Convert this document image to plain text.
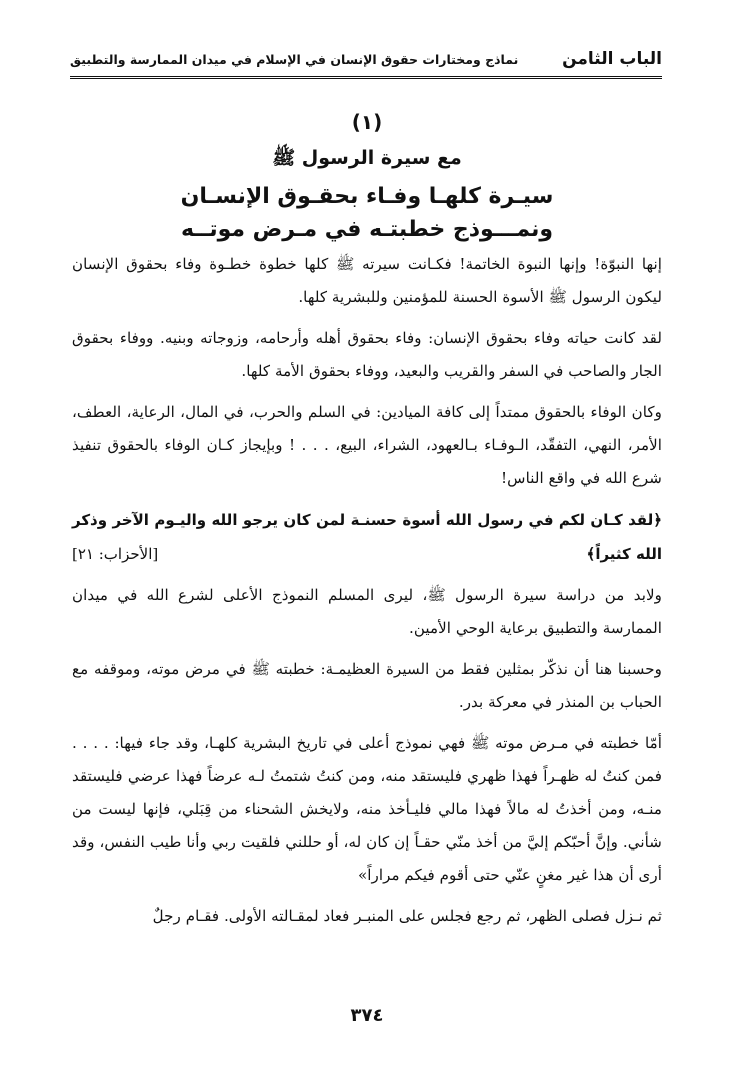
الباب الثامن
نماذج ومختارات حقوق الإنسان في الإسلام في ميدان الممارسة والتطبيق
(١)
مع سيرة الرسول ﷺ
سيـرة كلهـا وفـاء بحقـوق الإنسـان
ونمـــوذج خطبتـه في مـرض موتــه

إنها النبوّة! وإنها النبوة الخاتمة! فكـانت سيرته ﷺ كلها خطوة خطـوة وفاء بحقوق الإنسان ليكون الرسول ﷺ الأسوة الحسنة للمؤمنين وللبشرية كلها.

لقد كانت حياته وفاء بحقوق الإنسان: وفاء بحقوق أهله وأرحامه، وزوجاته وبنيه. ووفاء بحقوق الجار والصاحب في السفر والقريب والبعيد، ووفاء بحقوق الأمة كلها.

وكان الوفاء بالحقوق ممتداً إلى كافة الميادين: في السلم والحرب، في المال، الرعاية، العطف، الأمر، النهي، التفقّد، الـوفـاء بـالعهود، الشراء، البيع، . . . ! وبإيجاز كـان الوفاء بالحقوق تنفيذ شرع الله في واقع الناس!

﴿لقد كـان لكم في رسول الله أسوة حسنـة لمن كان يرجو الله واليـوم الآخر وذكر الله كثيراً﴾
[الأحزاب: ٢١]

ولابد من دراسة سيرة الرسول ﷺ، ليرى المسلم النموذج الأعلى لشرع الله في ميدان الممارسة والتطبيق برعاية الوحي الأمين.

وحسبنا هنا أن نذكّر بمثلين فقط من السيرة العظيمـة: خطبته ﷺ في مرض موته، وموقفه مع الحباب بن المنذر في معركة بدر.

أمّا خطبته في مـرض موته ﷺ فهي نموذج أعلى في تاريخ البشرية كلهـا، وقد جاء فيها: . . . . فمن كنتُ له ظهـراً فهذا ظهري فليستقد منه، ومن كنتُ شتمتُ لـه عرضاً فهذا عرضي فليستقد منـه، ومن أخذتُ له مالاً فهذا مالي فليـأخذ منه، ولايخش الشحناء من قِبَلي، فإنها ليست من شأني. وإنَّ أحبّكم إليَّ من أخذ منّي حقـاً إن كان له، أو حللني فلقيت ربي وأنا طيب النفس، وقد أرى أن هذا غير مغنٍ عنّي حتى أقوم فيكم مراراً»

ثم نـزل فصلى الظهر، ثم رجع فجلس على المنبـر فعاد لمقـالته الأولى. فقـام رجلٌ

٣٧٤
